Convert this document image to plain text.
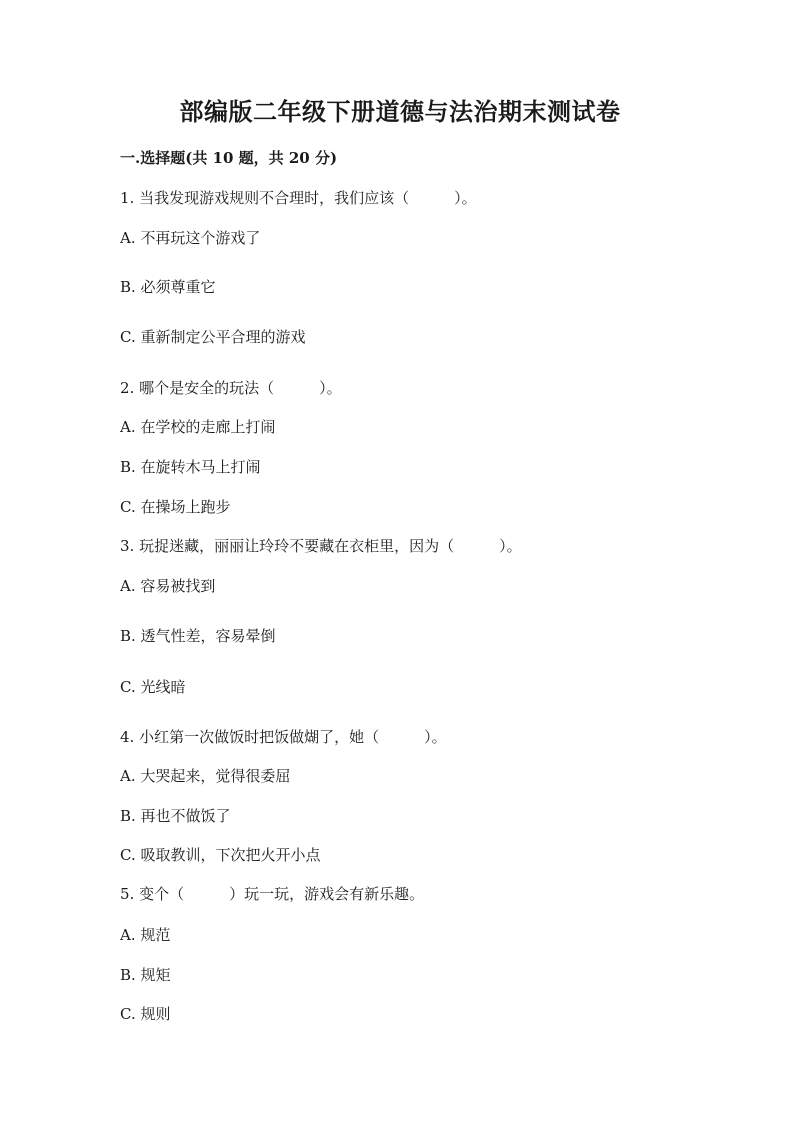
部编版二年级下册道德与法治期末测试卷
一.选择题(共 10 题，共 20 分)
1. 当我发现游戏规则不合理时，我们应该（　　　）。
A. 不再玩这个游戏了
B. 必须尊重它
C. 重新制定公平合理的游戏
2. 哪个是安全的玩法（　　　）。
A. 在学校的走廊上打闹
B. 在旋转木马上打闹
C. 在操场上跑步
3. 玩捉迷藏，丽丽让玲玲不要藏在衣柜里，因为（　　　）。
A. 容易被找到
B. 透气性差，容易晕倒
C. 光线暗
4. 小红第一次做饭时把饭做煳了，她（　　　）。
A. 大哭起来，觉得很委屈
B. 再也不做饭了
C. 吸取教训，下次把火开小点
5. 变个（　　　）玩一玩，游戏会有新乐趣。
A. 规范
B. 规矩
C. 规则
